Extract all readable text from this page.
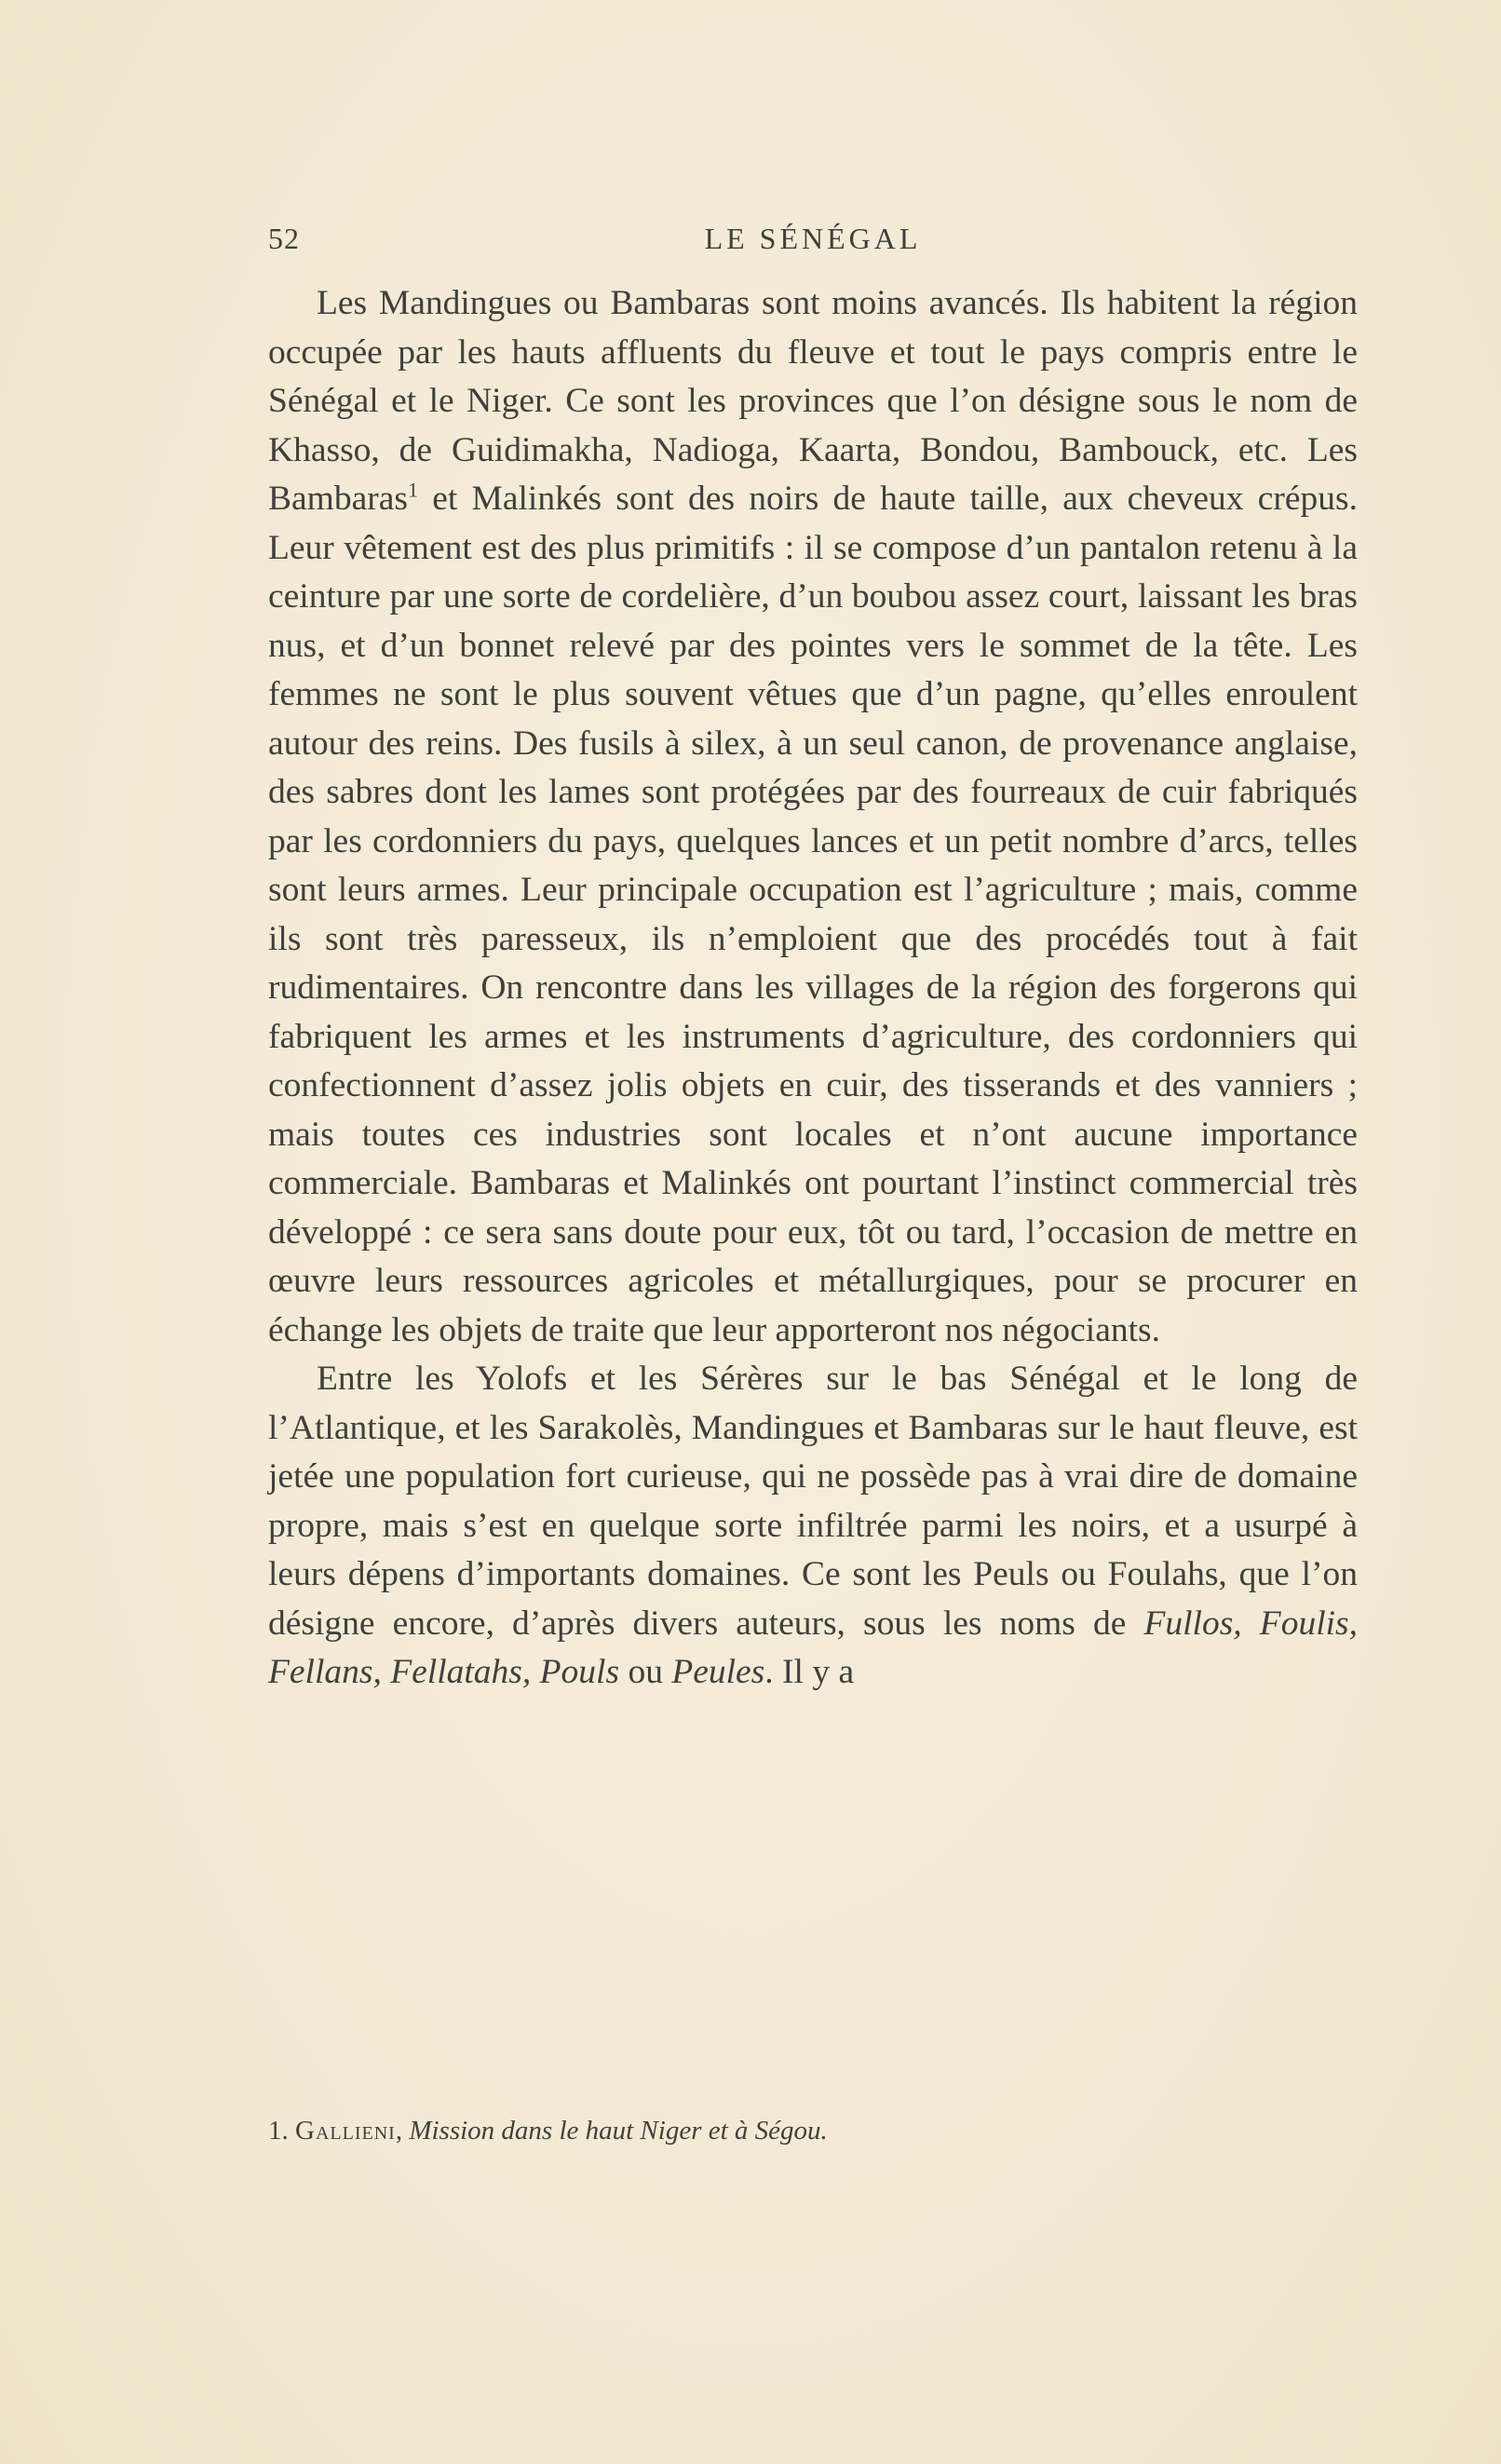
52	LE SÉNÉGAL

Les Mandingues ou Bambaras sont moins avancés. Ils habitent la région occupée par les hauts affluents du fleuve et tout le pays compris entre le Sénégal et le Niger. Ce sont les provinces que l’on désigne sous le nom de Khasso, de Guidimakha, Nadioga, Kaarta, Bondou, Bambouck, etc. Les Bambaras$^1$ et Malinkés sont des noirs de haute taille, aux cheveux crépus. Leur vêtement est des plus primitifs : il se compose d’un pantalon retenu à la ceinture par une sorte de cordelière, d’un boubou assez court, laissant les bras nus, et d’un bonnet relevé par des pointes vers le sommet de la tête. Les femmes ne sont le plus souvent vêtues que d’un pagne, qu’elles enroulent autour des reins. Des fusils à silex, à un seul canon, de provenance anglaise, des sabres dont les lames sont protégées par des fourreaux de cuir fabriqués par les cordonniers du pays, quelques lances et un petit nombre d’arcs, telles sont leurs armes. Leur principale occupation est l’agriculture ; mais, comme ils sont très paresseux, ils n’emploient que des procédés tout à fait rudimentaires. On rencontre dans les villages de la région des forgerons qui fabriquent les armes et les instruments d’agriculture, des cordonniers qui confectionnent d’assez jolis objets en cuir, des tisserands et des vanniers ; mais toutes ces industries sont locales et n’ont aucune importance commerciale. Bambaras et Malinkés ont pourtant l’instinct commercial très développé : ce sera sans doute pour eux, tôt ou tard, l’occasion de mettre en œuvre leurs ressources agricoles et métallurgiques, pour se procurer en échange les objets de traite que leur apporteront nos négociants.

Entre les Yolofs et les Sérères sur le bas Sénégal et le long de l’Atlantique, et les Sarakolès, Mandingues et Bambaras sur le haut fleuve, est jetée une population fort curieuse, qui ne possède pas à vrai dire de domaine propre, mais s’est en quelque sorte infiltrée parmi les noirs, et a usurpé à leurs dépens d’importants domaines. Ce sont les Peuls ou Foulahs, que l’on désigne encore, d’après divers auteurs, sous les noms de Fullos, Foulis, Fellans, Fellatahs, Pouls ou Peules. Il y a

1. Gallieni, Mission dans le haut Niger et à Ségou.
